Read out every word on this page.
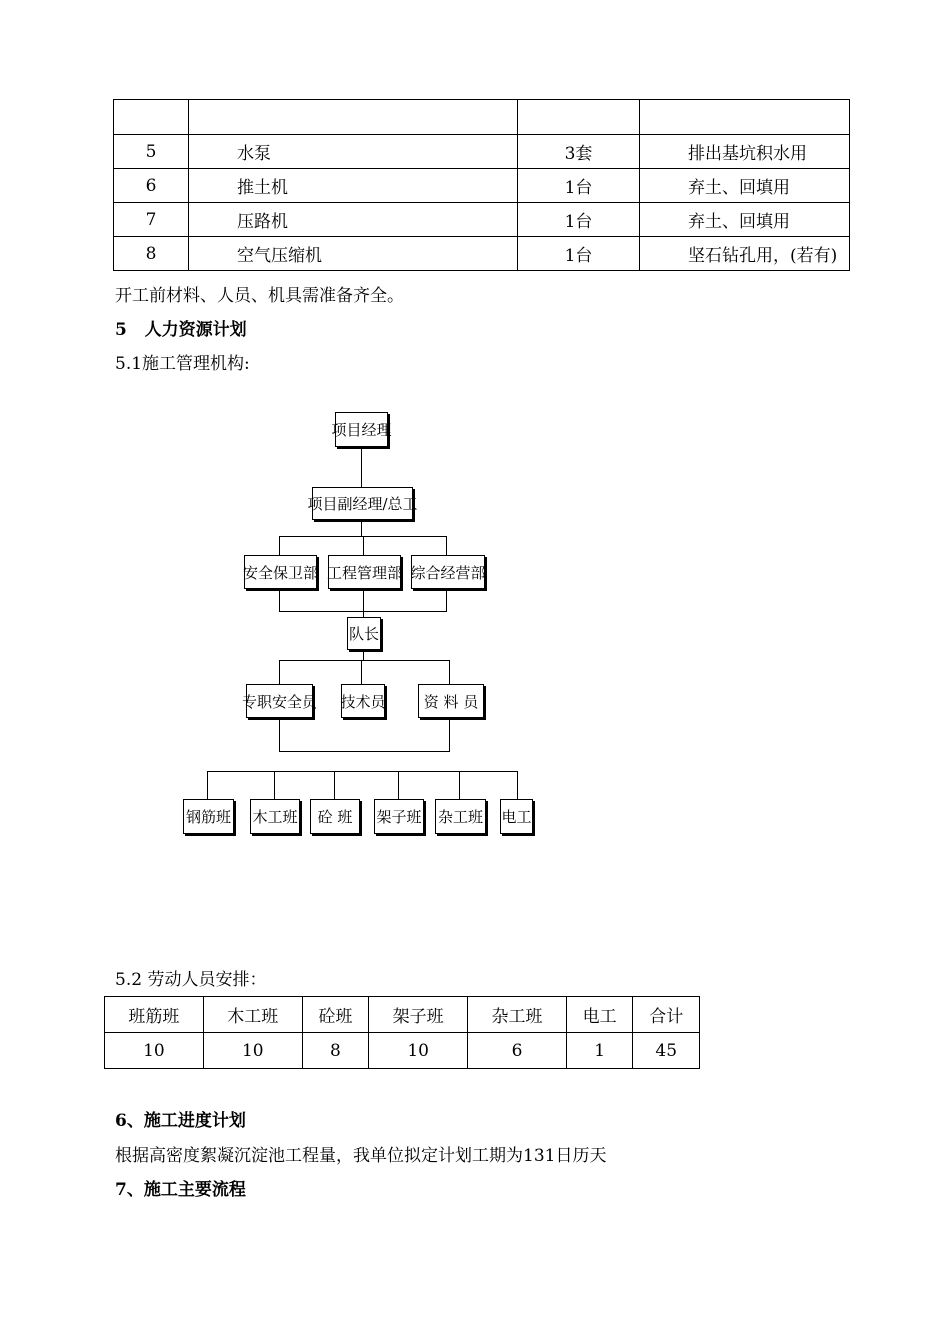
5	水泵	3套	排出基坑积水用
6	推土机	1台	弃土、回填用
7	压路机	1台	弃土、回填用
8	空气压缩机	1台	坚石钻孔用，(若有)
开工前材料、人员、机具需准备齐全。
5 人力资源计划
5.1施工管理机构:
项目经理
项目副经理/总工
安全保卫部 工程管理部 综合经营部
队长
专职安全员 技术员	资 料 员
钢筋班 木工班	砼 班	架子班 杂工班 电工
5.2 劳动人员安排：
班筋班	木工班	砼班	架子班	杂工班	电工	合计
10	10	8	10	6	1	45
6、施工进度计划
根据高密度絮凝沉淀池工程量，我单位拟定计划工期为131日历天
7、施工主要流程
